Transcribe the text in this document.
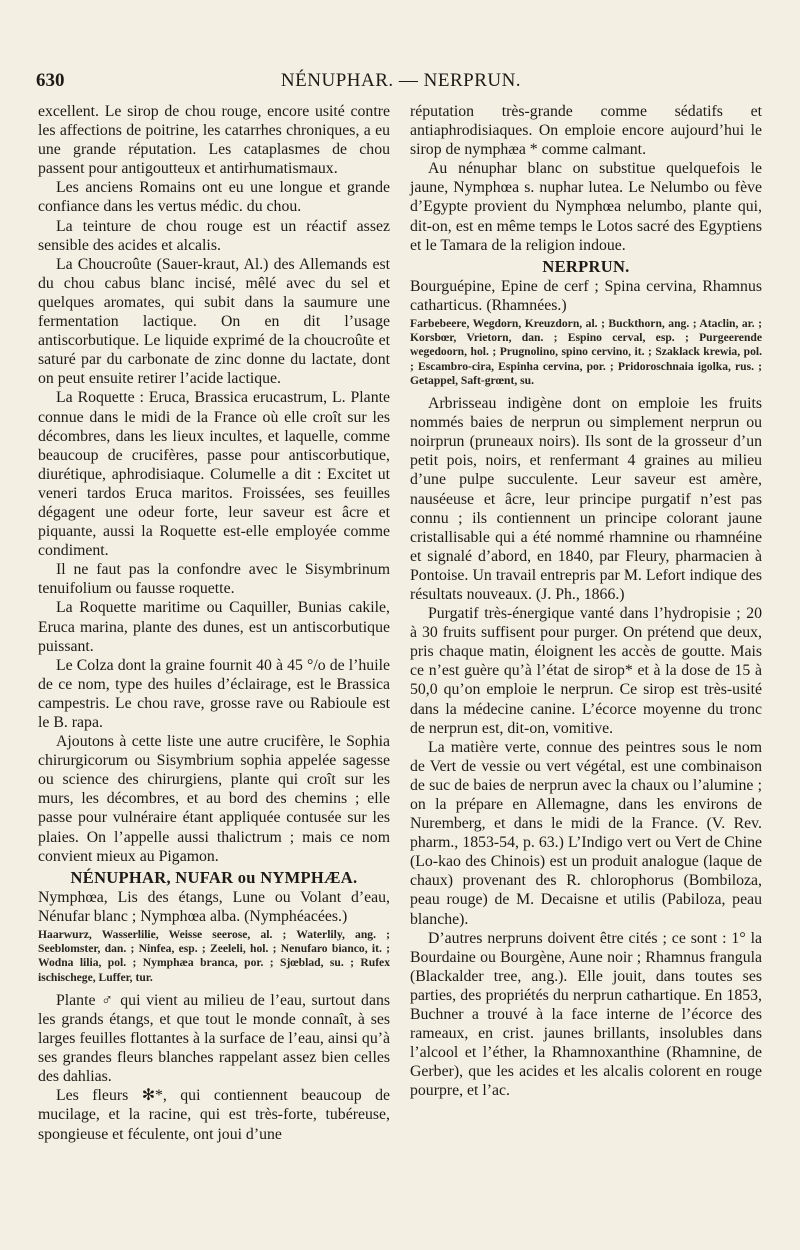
630	NÉNUPHAR. — NERPRUN.

excellent. Le sirop de chou rouge, encore usité contre les affections de poitrine, les catarrhes chroniques, a eu une grande réputation. Les cataplasmes de chou passent pour antigoutteux et antirhumatismaux.

Les anciens Romains ont eu une longue et grande confiance dans les vertus médic. du chou.

La teinture de chou rouge est un réactif assez sensible des acides et alcalis.

La Choucroûte (Sauer-kraut, Al.) des Allemands est du chou cabus blanc incisé, mêlé avec du sel et quelques aromates, qui subit dans la saumure une fermentation lactique. On en dit l’usage antiscorbutique. Le liquide exprimé de la choucroûte et saturé par du carbonate de zinc donne du lactate, dont on peut ensuite retirer l’acide lactique.

La Roquette : Eruca, Brassica erucastrum, L. Plante connue dans le midi de la France où elle croît sur les décombres, dans les lieux incultes, et laquelle, comme beaucoup de crucifères, passe pour antiscorbutique, diurétique, aphrodisiaque. Columelle a dit : Excitet ut veneri tardos Eruca maritos. Froissées, ses feuilles dégagent une odeur forte, leur saveur est âcre et piquante, aussi la Roquette est-elle employée comme condiment.

Il ne faut pas la confondre avec le Sisymbrinum tenuifolium ou fausse roquette.

La Roquette maritime ou Caquiller, Bunias cakile, Eruca marina, plante des dunes, est un antiscorbutique puissant.

Le Colza dont la graine fournit 40 à 45 °/o de l’huile de ce nom, type des huiles d’éclairage, est le Brassica campestris. Le chou rave, grosse rave ou Rabioule est le B. rapa.

Ajoutons à cette liste une autre crucifère, le Sophia chirurgicorum ou Sisymbrium sophia appelée sagesse ou science des chirurgiens, plante qui croît sur les murs, les décombres, et au bord des chemins ; elle passe pour vulnéraire étant appliquée contusée sur les plaies. On l’appelle aussi thalictrum ; mais ce nom convient mieux au Pigamon.

NÉNUPHAR, NUFAR ou NYMPHÆA.

Nymphœa, Lis des étangs, Lune ou Volant d’eau, Nénufar blanc ; Nymphœa alba. (Nymphéacées.)

Haarwurz, Wasserlilie, Weisse seerose, al. ; Waterlily, ang. ; Seeblomster, dan. ; Ninfea, esp. ; Zeeleli, hol. ; Nenufaro bianco, it. ; Wodna lilia, pol. ; Nymphæa branca, por. ; Sjœblad, su. ; Rufex ischischege, Luffer, tur.

Plante ♂ qui vient au milieu de l’eau, surtout dans les grands étangs, et que tout le monde connaît, à ses larges feuilles flottantes à la surface de l’eau, ainsi qu’à ses grandes fleurs blanches rappelant assez bien celles des dahlias.

Les fleurs ✻*, qui contiennent beaucoup de mucilage, et la racine, qui est très-forte, tubéreuse, spongieuse et féculente, ont joui d’une

réputation très-grande comme sédatifs et antiaphrodisiaques. On emploie encore aujourd’hui le sirop de nymphæa * comme calmant.

Au nénuphar blanc on substitue quelquefois le jaune, Nymphœa s. nuphar lutea. Le Nelumbo ou fève d’Egypte provient du Nymphœa nelumbo, plante qui, dit-on, est en même temps le Lotos sacré des Egyptiens et le Tamara de la religion indoue.

NERPRUN.

Bourguépine, Epine de cerf ; Spina cervina, Rhamnus catharticus. (Rhamnées.)

Farbebeere, Wegdorn, Kreuzdorn, al. ; Buckthorn, ang. ; Ataclin, ar. ; Korsbœr, Vrietorn, dan. ; Espino cerval, esp. ; Purgeerende wegedoorn, hol. ; Prugnolino, spino cervino, it. ; Szaklack krewia, pol. ; Escambro-cira, Espinha cervina, por. ; Pridoroschnaia igolka, rus. ; Getappel, Saft-grœnt, su.

Arbrisseau indigène dont on emploie les fruits nommés baies de nerprun ou simplement nerprun ou noirprun (pruneaux noirs). Ils sont de la grosseur d’un petit pois, noirs, et renfermant 4 graines au milieu d’une pulpe succulente. Leur saveur est amère, nauséeuse et âcre, leur principe purgatif n’est pas connu ; ils contiennent un principe colorant jaune cristallisable qui a été nommé rhamnine ou rhamnéine et signalé d’abord, en 1840, par Fleury, pharmacien à Pontoise. Un travail entrepris par M. Lefort indique des résultats nouveaux. (J. Ph., 1866.)

Purgatif très-énergique vanté dans l’hydropisie ; 20 à 30 fruits suffisent pour purger. On prétend que deux, pris chaque matin, éloignent les accès de goutte. Mais ce n’est guère qu’à l’état de sirop* et à la dose de 15 à 50,0 qu’on emploie le nerprun. Ce sirop est très-usité dans la médecine canine. L’écorce moyenne du tronc de nerprun est, dit-on, vomitive.

La matière verte, connue des peintres sous le nom de Vert de vessie ou vert végétal, est une combinaison de suc de baies de nerprun avec la chaux ou l’alumine ; on la prépare en Allemagne, dans les environs de Nuremberg, et dans le midi de la France. (V. Rev. pharm., 1853-54, p. 63.) L’Indigo vert ou Vert de Chine (Lo-kao des Chinois) est un produit analogue (laque de chaux) provenant des R. chlorophorus (Bombiloza, peau rouge) de M. Decaisne et utilis (Pabiloza, peau blanche).

D’autres nerpruns doivent être cités ; ce sont : 1° la Bourdaine ou Bourgène, Aune noir ; Rhamnus frangula (Blackalder tree, ang.). Elle jouit, dans toutes ses parties, des propriétés du nerprun cathartique. En 1853, Buchner a trouvé à la face interne de l’écorce des rameaux, en crist. jaunes brillants, insolubles dans l’alcool et l’éther, la Rhamnoxanthine (Rhamnine, de Gerber), que les acides et les alcalis colorent en rouge pourpre, et l’ac.
